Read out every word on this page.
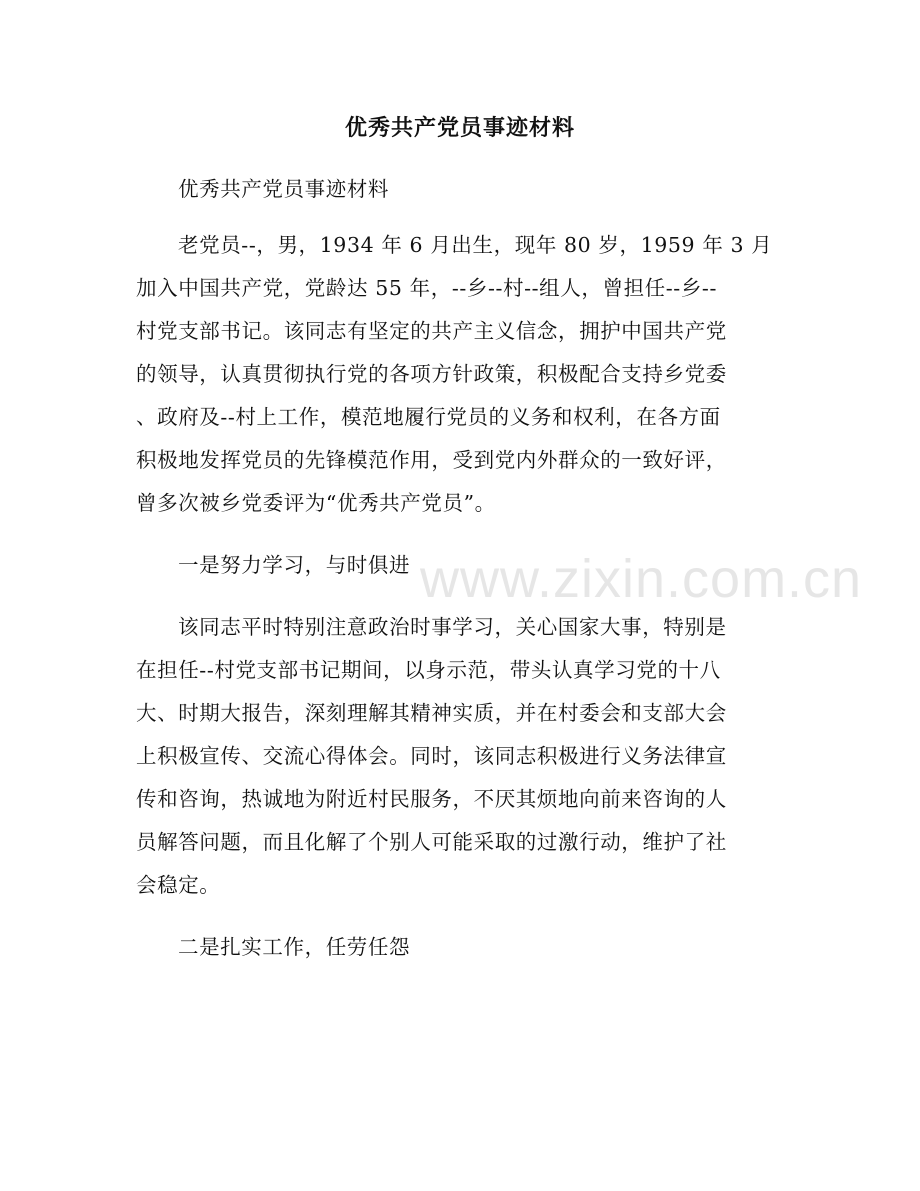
优秀共产党员事迹材料
优秀共产党员事迹材料
老党员--，男，1934 年 6 月出生，现年 80 岁，1959 年 3 月
加入中国共产党，党龄达 55 年，--乡--村--组人，曾担任--乡--
村党支部书记。该同志有坚定的共产主义信念，拥护中国共产党
的领导，认真贯彻执行党的各项方针政策，积极配合支持乡党委
、政府及--村上工作，模范地履行党员的义务和权利，在各方面
积极地发挥党员的先锋模范作用，受到党内外群众的一致好评，
曾多次被乡党委评为“优秀共产党员”。
一是努力学习，与时俱进
该同志平时特别注意政治时事学习，关心国家大事，特别是
在担任--村党支部书记期间，以身示范，带头认真学习党的十八
大、时期大报告，深刻理解其精神实质，并在村委会和支部大会
上积极宣传、交流心得体会。同时，该同志积极进行义务法律宣
传和咨询，热诚地为附近村民服务，不厌其烦地向前来咨询的人
员解答问题，而且化解了个别人可能采取的过激行动，维护了社
会稳定。
二是扎实工作，任劳任怨
www.zixin.com.cn
